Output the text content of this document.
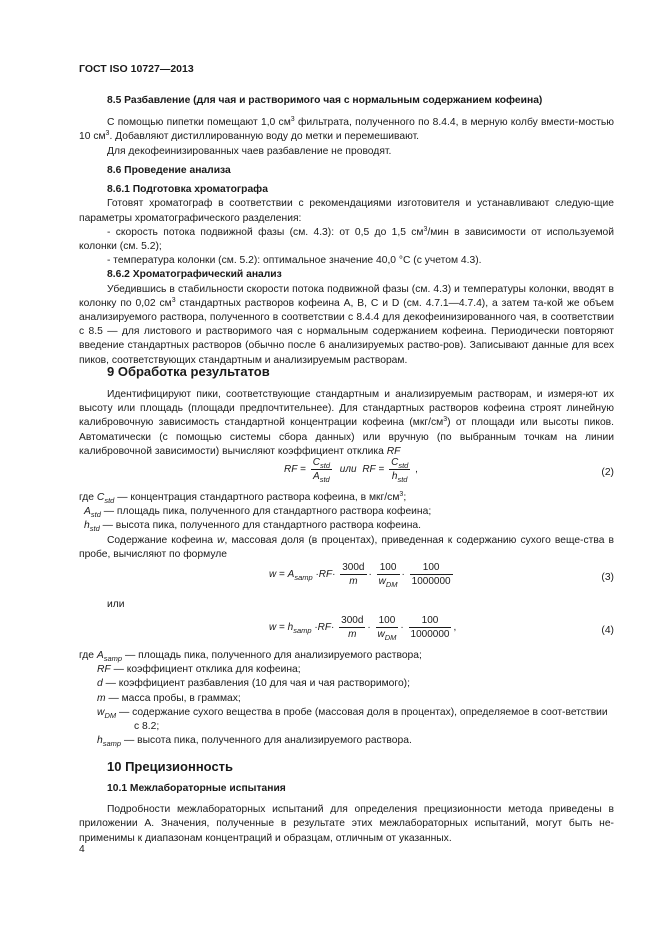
ГОСТ ISO 10727—2013

8.5 Разбавление (для чая и растворимого чая с нормальным содержанием кофеина)

С помощью пипетки помещают 1,0 $см^3$ фильтрата, полученного по 8.4.4, в мерную колбу вмести-мостью 10 $см^3$. Добавляют дистиллированную воду до метки и перемешивают.

Для декофеинизированных чаев разбавление не проводят.

8.6 Проведение анализа

8.6.1 Подготовка хроматографа

Готовят хроматограф в соответствии с рекомендациями изготовителя и устанавливают следую-щие параметры хроматографического разделения:

- скорость потока подвижной фазы (см. 4.3): от 0,5 до 1,5 $см^3$/мин в зависимости от используемой колонки (см. 5.2);

- температура колонки (см. 5.2): оптимальное значение 40,0 °С (с учетом 4.3).

8.6.2 Хроматографический анализ

Убедившись в стабильности скорости потока подвижной фазы (см. 4.3) и температуры колонки, вводят в колонку по 0,02 $см^3$ стандартных растворов кофеина А, В, С и D (см. 4.7.1—4.7.4), а затем та-кой же объем анализируемого раствора, полученного в соответствии с 8.4.4 для декофеинизированного чая, в соответствии с 8.5 — для листового и растворимого чая с нормальным содержанием кофеина. Периодически повторяют введение стандартных растворов (обычно после 6 анализируемых раство-ров). Записывают данные для всех пиков, соответствующих стандартным и анализируемым растворам.

9 Обработка результатов

Идентифицируют пики, соответствующие стандартным и анализируемым растворам, и измеря-ют их высоту или площадь (площади предпочтительнее). Для стандартных растворов кофеина строят линейную калибровочную зависимость стандартной концентрации кофеина $(мкг/см^3)$ от площади или высоты пиков. Автоматически (с помощью системы сбора данных) или вручную (по выбранным точкам на линии калибровочной зависимости) вычисляют коэффициент отклика RF

RF = $\frac{C_{std}}{A_{std}}$ или RF = $\frac{C_{std}}{h_{std}}$ ,	(2)

где $C_{std}$ — концентрация стандартного раствора кофеина, в мкг/$см^3$;

$A_{std}$ — площадь пика, полученного для стандартного раствора кофеина;

$h_{std}$ — высота пика, полученного для стандартного раствора кофеина.

Содержание кофеина w, массовая доля (в процентах), приведенная к содержанию сухого веще-ства в пробе, вычисляют по формуле

$w = A_{samp} \cdot RF\cdot \frac{300d}{m} \cdot \frac{100}{w_{DM}} \cdot \frac{100}{1000000}$	(3)
или
$w = h_{samp} \cdot RF\cdot \frac{300d}{m} \cdot \frac{100}{w_{DM}} \cdot \frac{100}{1000000}$ ,	(4)

где $A_{samp}$ — площадь пика, полученного для анализируемого раствора;

RF — коэффициент отклика для кофеина;

d — коэффициент разбавления (10 для чая и чая растворимого);

m — масса пробы, в граммах;

$w_{DM}$ — содержание сухого вещества в пробе (массовая доля в процентах), определяемое в соот-ветствии с 8.2;

$h_{samp}$ — высота пика, полученного для анализируемого раствора.

10 Прецизионность

10.1 Межлабораторные испытания

Подробности межлабораторных испытаний для определения прецизионности метода приведены в приложении А. Значения, полученные в результате этих межлабораторных испытаний, могут быть не-применимы к диапазонам концентраций и образцам, отличным от указанных.

4
